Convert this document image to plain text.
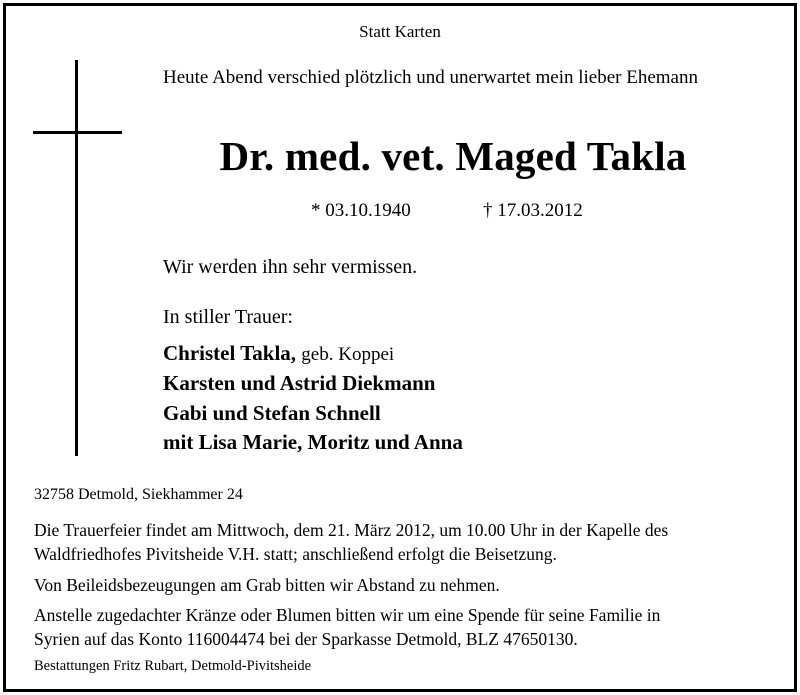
Statt Karten
Heute Abend verschied plötzlich und unerwartet mein lieber Ehemann
Dr. med. vet. Maged Takla
* 03.10.1940	† 17.03.2012
Wir werden ihn sehr vermissen.
In stiller Trauer:
Christel Takla, geb. Koppei
Karsten und Astrid Diekmann
Gabi und Stefan Schnell
mit Lisa Marie, Moritz und Anna
32758 Detmold, Siekhammer 24
Die Trauerfeier findet am Mittwoch, dem 21. März 2012, um 10.00 Uhr in der Kapelle des
Waldfriedhofes Pivitsheide V.H. statt; anschließend erfolgt die Beisetzung.
Von Beileidsbezeugungen am Grab bitten wir Abstand zu nehmen.
Anstelle zugedachter Kränze oder Blumen bitten wir um eine Spende für seine Familie in
Syrien auf das Konto 116004474 bei der Sparkasse Detmold, BLZ 47650130.
Bestattungen Fritz Rubart, Detmold-Pivitsheide
